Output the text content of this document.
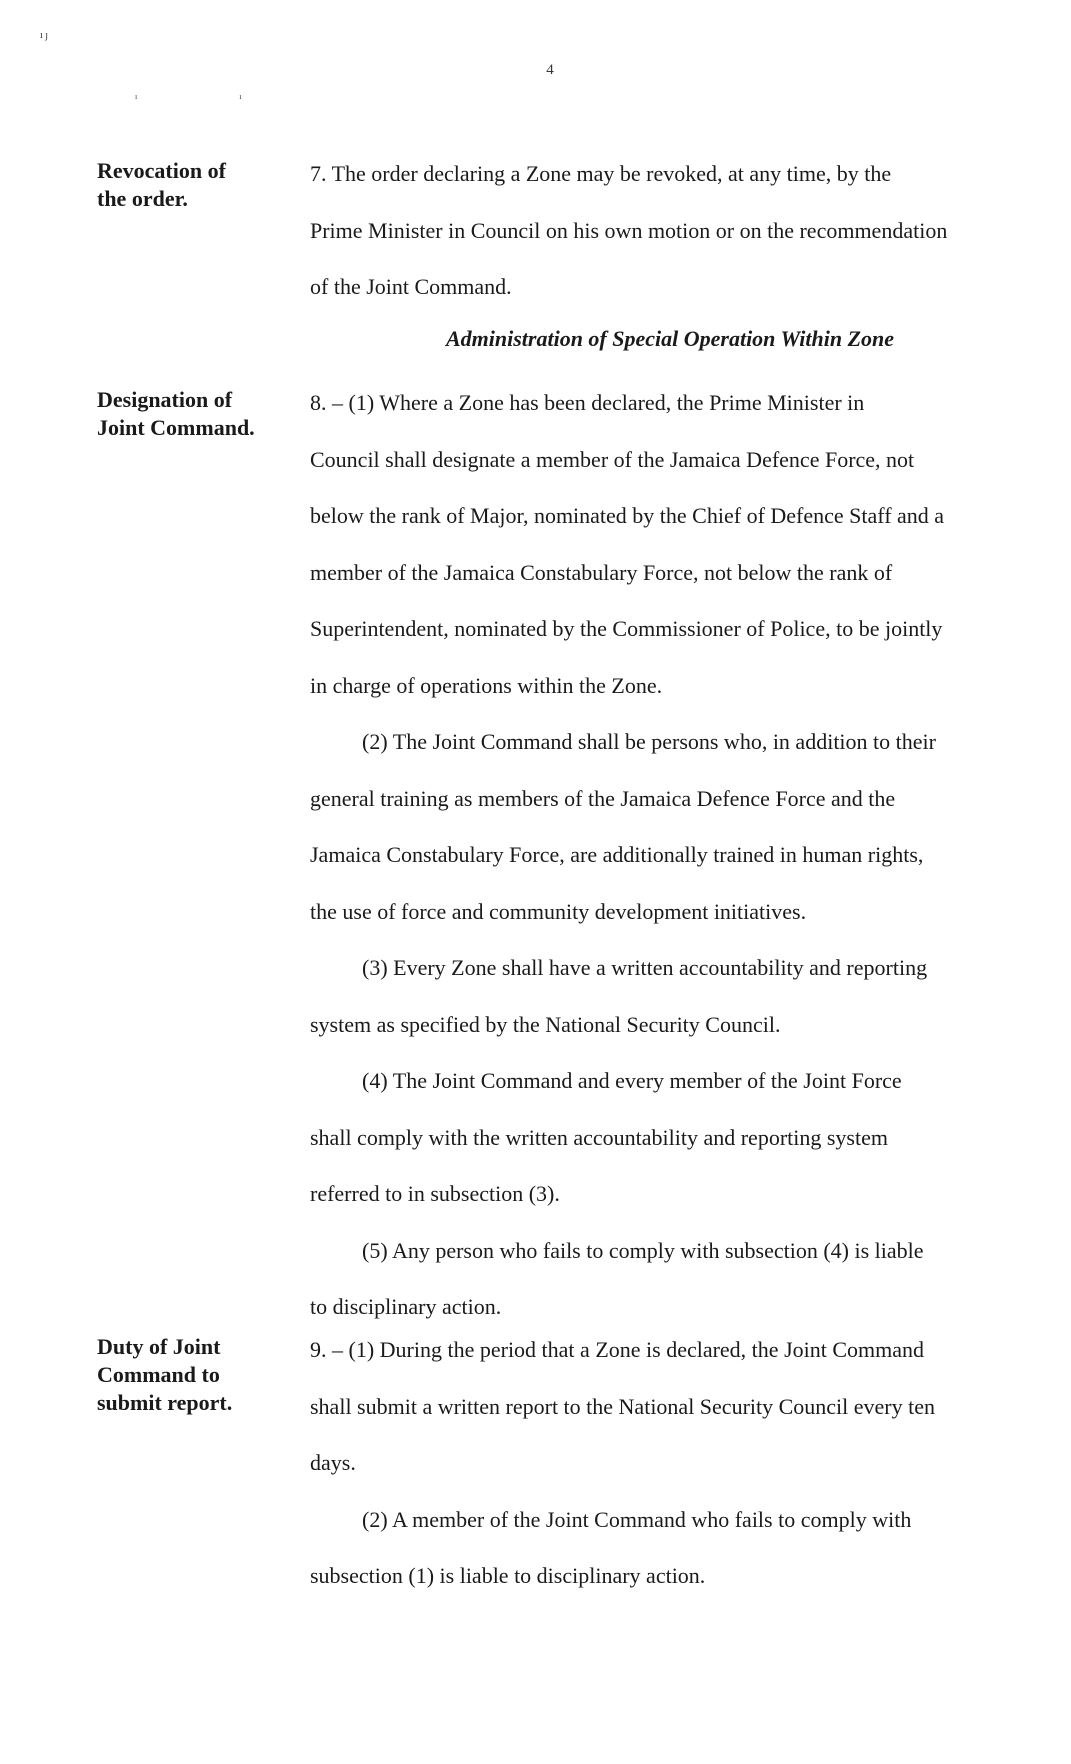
ı ȷ
ı ı
4
Revocation of
the order.
7. The order declaring a Zone may be revoked, at any time, by the
Prime Minister in Council on his own motion or on the recommendation
of the Joint Command.
Administration of Special Operation Within Zone
Designation of
Joint Command.
8. – (1) Where a Zone has been declared, the Prime Minister in
Council shall designate a member of the Jamaica Defence Force, not
below the rank of Major, nominated by the Chief of Defence Staff and a
member of the Jamaica Constabulary Force, not below the rank of
Superintendent, nominated by the Commissioner of Police, to be jointly
in charge of operations within the Zone.
(2) The Joint Command shall be persons who, in addition to their
general training as members of the Jamaica Defence Force and the
Jamaica Constabulary Force, are additionally trained in human rights,
the use of force and community development initiatives.
(3) Every Zone shall have a written accountability and reporting
system as specified by the National Security Council.
(4) The Joint Command and every member of the Joint Force
shall comply with the written accountability and reporting system
referred to in subsection (3).
(5) Any person who fails to comply with subsection (4) is liable
to disciplinary action.
Duty of Joint
Command to
submit report.
9. – (1) During the period that a Zone is declared, the Joint Command
shall submit a written report to the National Security Council every ten
days.
(2) A member of the Joint Command who fails to comply with
subsection (1) is liable to disciplinary action.
